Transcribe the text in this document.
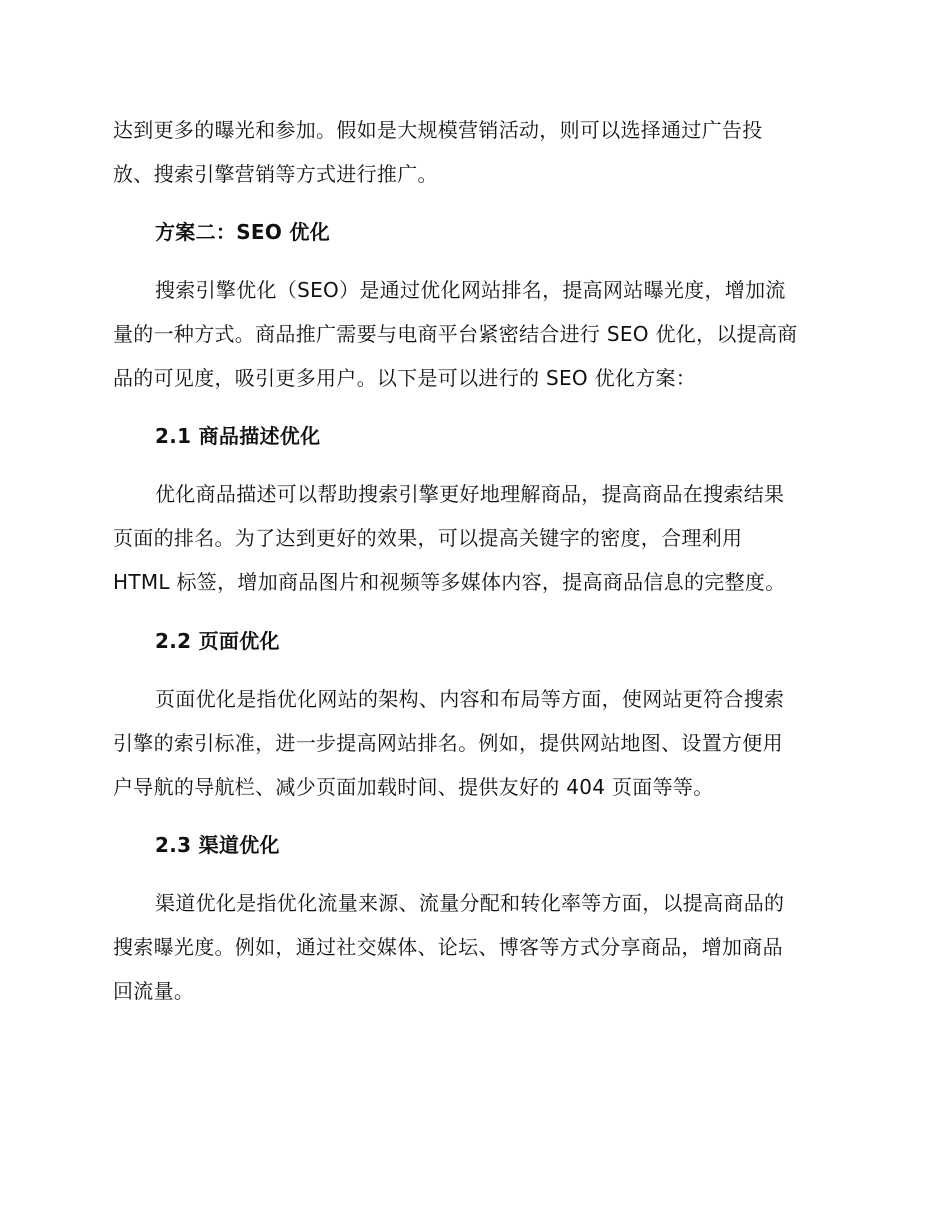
达到更多的曝光和参加。假如是大规模营销活动，则可以选择通过广告投
放、搜索引擎营销等方式进行推广。
方案二：SEO 优化
搜索引擎优化（SEO）是通过优化网站排名，提高网站曝光度，增加流
量的一种方式。商品推广需要与电商平台紧密结合进行 SEO 优化，以提高商
品的可见度，吸引更多用户。以下是可以进行的 SEO 优化方案：
2.1 商品描述优化
优化商品描述可以帮助搜索引擎更好地理解商品，提高商品在搜索结果
页面的排名。为了达到更好的效果，可以提高关键字的密度，合理利用
HTML 标签，增加商品图片和视频等多媒体内容，提高商品信息的完整度。
2.2 页面优化
页面优化是指优化网站的架构、内容和布局等方面，使网站更符合搜索
引擎的索引标准，进一步提高网站排名。例如，提供网站地图、设置方便用
户导航的导航栏、减少页面加载时间、提供友好的 404 页面等等。
2.3 渠道优化
渠道优化是指优化流量来源、流量分配和转化率等方面，以提高商品的
搜索曝光度。例如，通过社交媒体、论坛、博客等方式分享商品，增加商品
回流量。
